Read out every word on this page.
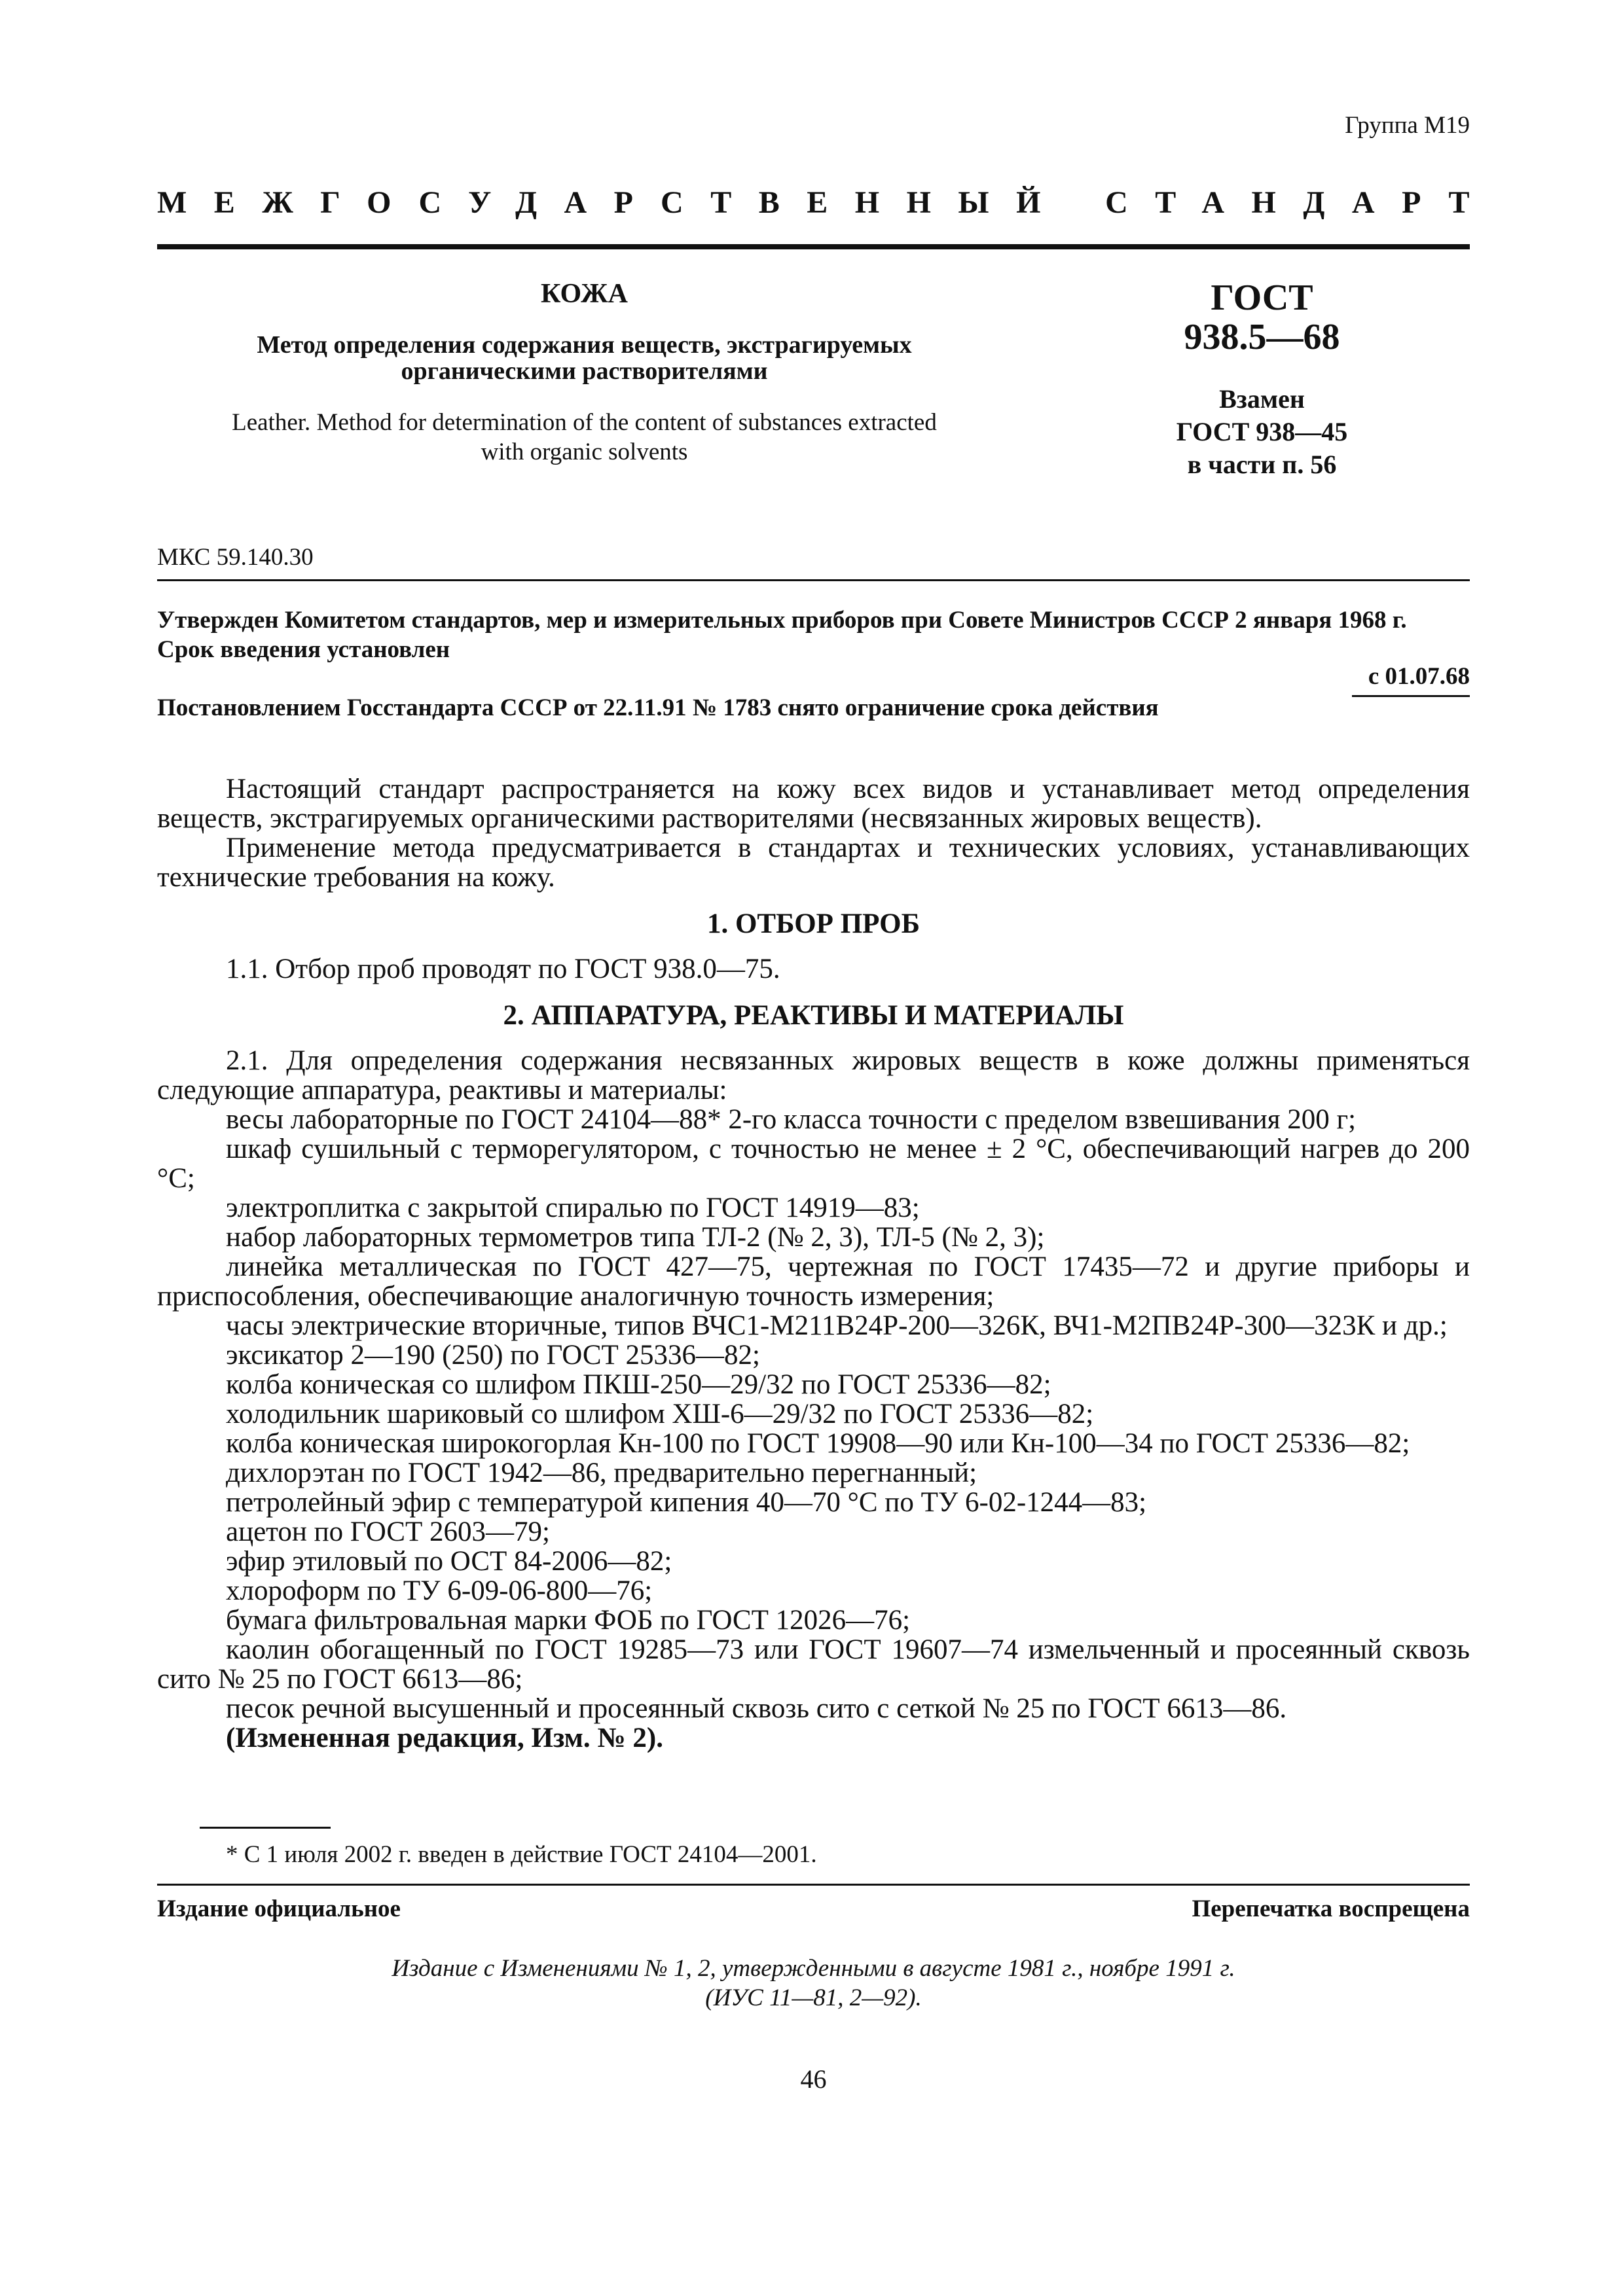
Группа М19
МЕЖГОСУДАРСТВЕННЫЙ СТАНДАРТ
КОЖА
Метод определения содержания веществ, экстрагируемых
органическими растворителями
Leather. Method for determination of the content of substances extracted
with organic solvents
ГОСТ
938.5—68
Взамен
ГОСТ 938—45
в части п. 56
МКС 59.140.30
Утвержден Комитетом стандартов, мер и измерительных приборов при Совете Министров СССР 2 января 1968 г.
Срок введения установлен
с 01.07.68
Постановлением Госстандарта СССР от 22.11.91 № 1783 снято ограничение срока действия

Настоящий стандарт распространяется на кожу всех видов и устанавливает метод определения веществ, экстрагируемых органическими растворителями (несвязанных жировых веществ).

Применение метода предусматривается в стандартах и технических условиях, устанавливающих технические требования на кожу.

1. ОТБОР ПРОБ

1.1. Отбор проб проводят по ГОСТ 938.0—75.

2. АППАРАТУРА, РЕАКТИВЫ И МАТЕРИАЛЫ

2.1. Для определения содержания несвязанных жировых веществ в коже должны применяться следующие аппаратура, реактивы и материалы:

весы лабораторные по ГОСТ 24104—88* 2-го класса точности с пределом взвешивания 200 г;

шкаф сушильный с терморегулятором, с точностью не менее ± 2 °С, обеспечивающий нагрев до 200 °С;

электроплитка с закрытой спиралью по ГОСТ 14919—83;

набор лабораторных термометров типа ТЛ-2 (№ 2, 3), ТЛ-5 (№ 2, 3);

линейка металлическая по ГОСТ 427—75, чертежная по ГОСТ 17435—72 и другие приборы и приспособления, обеспечивающие аналогичную точность измерения;

часы электрические вторичные, типов ВЧС1-М211В24Р-200—326К, ВЧ1-М2ПВ24Р-300—323К и др.;

эксикатор 2—190 (250) по ГОСТ 25336—82;

колба коническая со шлифом ПКШ-250—29/32 по ГОСТ 25336—82;

холодильник шариковый со шлифом ХШ-6—29/32 по ГОСТ 25336—82;

колба коническая широкогорлая Кн-100 по ГОСТ 19908—90 или Кн-100—34 по ГОСТ 25336—82;

дихлорэтан по ГОСТ 1942—86, предварительно перегнанный;

петролейный эфир с температурой кипения 40—70 °С по ТУ 6-02-1244—83;

ацетон по ГОСТ 2603—79;

эфир этиловый по ОСТ 84-2006—82;

хлороформ по ТУ 6-09-06-800—76;

бумага фильтровальная марки ФОБ по ГОСТ 12026—76;

каолин обогащенный по ГОСТ 19285—73 или ГОСТ 19607—74 измельченный и просеянный сквозь сито № 25 по ГОСТ 6613—86;

песок речной высушенный и просеянный сквозь сито с сеткой № 25 по ГОСТ 6613—86.

(Измененная редакция, Изм. № 2).

* С 1 июля 2002 г. введен в действие ГОСТ 24104—2001.
Издание официальное	Перепечатка воспрещена
Издание с Изменениями № 1, 2, утвержденными в августе 1981 г., ноябре 1991 г.
(ИУС 11—81, 2—92).
46
